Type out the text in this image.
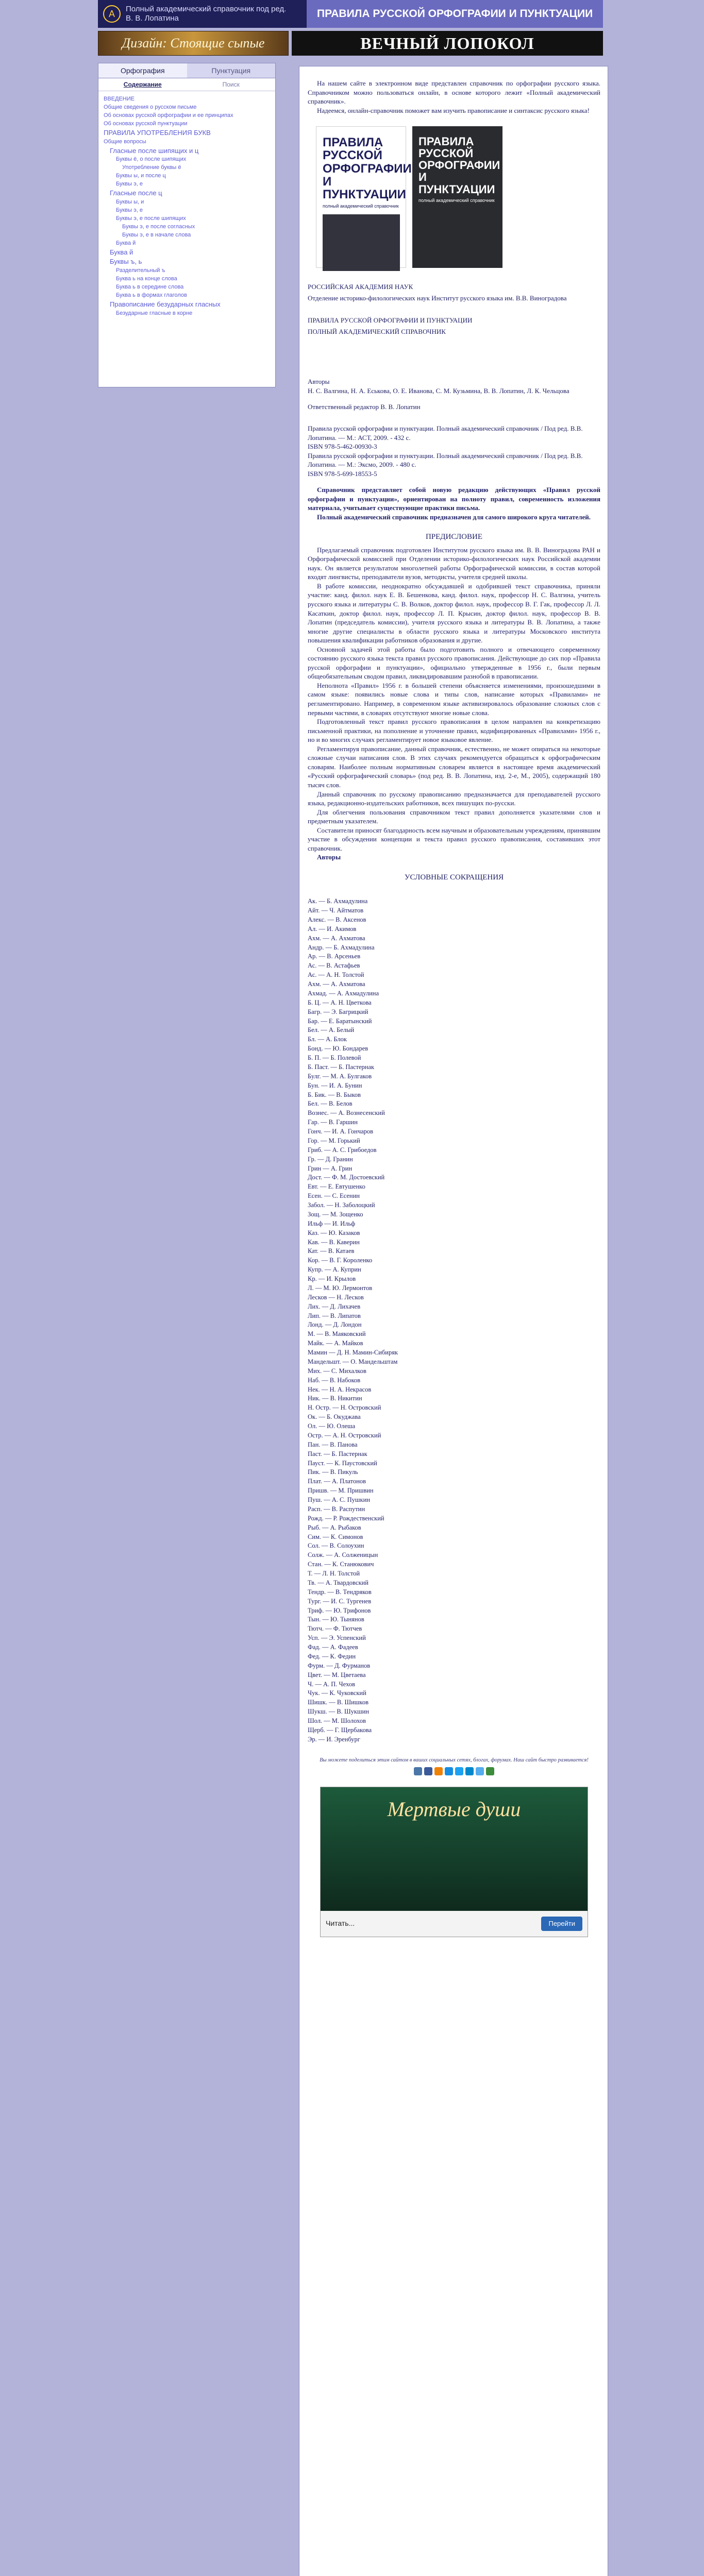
А	Полный академический справочник под ред.
В. В. Лопатина	ПРАВИЛА РУССКОЙ ОРФОГРАФИИ И ПУНКТУАЦИИ
Дизайн: Стоящие сыпые	ВЕЧНЫЙ ЛОПОКОЛ
Орфография	Пунктуация
Содержание	Поиск
ВВЕДЕНИЕ
Общие сведения о русском письме
Об основах русской орфографии и ее принципах
Об основах русской пунктуации
ПРАВИЛА УПОТРЕБЛЕНИЯ БУКВ
Общие вопросы
Гласные после шипящих и ц
Буквы ё, о после шипящих
Употребление буквы ё
Буквы ы, и после ц
Буквы э, е
Гласные после ц
Буквы ы, и
Буквы э, е
Буквы э, е после шипящих
Буквы э, е после согласных
Буквы э, е в начале слова
Буква й
Буква й
Буквы ъ, ь
Разделительный ъ
Буква ь на конце слова
Буква ь в середине слова
Буква ь в формах глаголов
Правописание безударных гласных
Безударные гласные в корне

На нашем сайте в электронном виде представлен справочник по орфографии русского языка. Справочником можно пользоваться онлайн, в основе которого лежит «Полный академический справочник».

Надеемся, онлайн-справочник поможет вам изучить правописание и синтаксис русского языка!

ПРАВИЛА РУССКОЙ ОРФОГРАФИИ И ПУНКТУАЦИИ
полный академический справочник
ПРАВИЛА РУССКОЙ ОРФОГРАФИИ И ПУНКТУАЦИИ
полный академический справочник
РОССИЙСКАЯ АКАДЕМИЯ НАУК
Отделение историко-филологических наук Институт русского языка им. В.В. Виноградова
ПРАВИЛА РУССКОЙ ОРФОГРАФИИ И ПУНКТУАЦИИ
ПОЛНЫЙ АКАДЕМИЧЕСКИЙ СПРАВОЧНИК
Авторы
Н. С. Валгина, Н. А. Еськова, О. Е. Иванова, С. М. Кузьмина, В. В. Лопатин, Л. К. Чельцова
Ответственный редактор В. В. Лопатин
Правила русской орфографии и пунктуации. Полный академический справочник / Под ред. В.В. Лопатина. — М.: АСТ, 2009. - 432 с.
ISBN 978-5-462-00930-3
Правила русской орфографии и пунктуации. Полный академический справочник / Под ред. В.В. Лопатина. — М.: Эксмо, 2009. - 480 с.
ISBN 978-5-699-18553-5

Справочник представляет собой новую редакцию действующих «Правил русской орфографии и пунктуации», ориентирован на полноту правил, современность изложения материала, учитывает существующие практики письма.

Полный академический справочник предназначен для самого широкого круга читателей.

ПРЕДИСЛОВИЕ

Предлагаемый справочник подготовлен Институтом русского языка им. В. В. Виноградова РАН и Орфографической комиссией при Отделении историко-филологических наук Российской академии наук. Он является результатом многолетней работы Орфографической комиссии, в состав которой входят лингвисты, преподаватели вузов, методисты, учителя средней школы.

В работе комиссии, неоднократно обсуждавшей и одобрившей текст справочника, приняли участие: канд. филол. наук Е. В. Бешенкова, канд. филол. наук, профессор Н. С. Валгина, учитель русского языка и литературы С. В. Волков, доктор филол. наук, профессор В. Г. Гак, профессор Л. Л. Касаткин, доктор филол. наук, профессор Л. П. Крысин, доктор филол. наук, профессор В. В. Лопатин (председатель комиссии), учителя русского языка и литературы В. В. Лопатина, а также многие другие специалисты в области русского языка и литературы Московского института повышения квалификации работников образования и другие.

Основной задачей этой работы было подготовить полного и отвечающего современному состоянию русского языка текста правил русского правописания. Действующие до сих пор «Правила русской орфографии и пунктуации», официально утвержденные в 1956 г., были первым общеобязательным сводом правил, ликвидировавшим разнобой в правописании.

Неполнота «Правил» 1956 г. в большей степени объясняется изменениями, произошедшими в самом языке: появились новые слова и типы слов, написание которых «Правилами» не регламентировано. Например, в современном языке активизировалось образование сложных слов с первыми частями, в словарях отсутствуют многие новые слова.

Подготовленный текст правил русского правописания в целом направлен на конкретизацию письменной практики, на пополнение и уточнение правил, кодифицированных «Правилами» 1956 г., но и во многих случаях регламентирует новое языковое явление.

Регламентируя правописание, данный справочник, естественно, не может опираться на некоторые сложные случаи написания слов. В этих случаях рекомендуется обращаться к орфографическим словарям. Наиболее полным нормативным словарем является в настоящее время академический «Русский орфографический словарь» (под ред. В. В. Лопатина, изд. 2-е, М., 2005), содержащий 180 тысяч слов.

Данный справочник по русскому правописанию предназначается для преподавателей русского языка, редакционно-издательских работников, всех пишущих по-русски.

Для облегчения пользования справочником текст правил дополняется указателями слов и предметным указателем.

Составители приносят благодарность всем научным и образовательным учреждениям, принявшим участие в обсуждении концепции и текста правил русского правописания, составивших этот справочник.

Авторы
УСЛОВНЫЕ СОКРАЩЕНИЯ
Ак. — Б. Ахмадулина
Айт. — Ч. Айтматов
Алекс. — В. Аксенов
Ал. — И. Акимов
Ахм. — А. Ахматова
Андр. — Б. Ахмадулина
Ар. — В. Арсеньев
Ас. — В. Астафьев
Ас. — А. Н. Толстой
Ахм. — А. Ахматова
Ахмад. — А. Ахмадулина
Б. Ц. — А. Н. Цветкова
Багр. — Э. Багрицкий
Бар. — Е. Баратынский
Бел. — А. Белый
Бл. — А. Блок
Бонд. — Ю. Бондарев
Б. П. — Б. Полевой
Б. Паст. — Б. Пастернак
Булг. — М. А. Булгаков
Бун. — И. А. Бунин
Б. Бик. — В. Быков
Бел. — В. Белов
Вознес. — А. Вознесенский
Гар. — В. Гаршин
Гонч. — И. А. Гончаров
Гор. — М. Горький
Гриб. — А. С. Грибоедов
Гр. — Д. Гранин
Грин — А. Грин
Дост. — Ф. М. Достоевский
Евт. — Е. Евтушенко
Есен. — С. Есенин
Забол. — Н. Заболоцкий
Зощ. — М. Зощенко
Ильф — И. Ильф
Каз. — Ю. Казаков
Кав. — В. Каверин
Кат. — В. Катаев
Кор. — В. Г. Короленко
Купр. — А. Куприн
Кр. — И. Крылов
Л. — М. Ю. Лермонтов
Лесков — Н. Лесков
Лих. — Д. Лихачев
Лип. — В. Липатов
Лонд. — Д. Лондон
М. — В. Маяковский
Майк. — А. Майков
Мамин — Д. Н. Мамин-Сибиряк
Мандельшт. — О. Мандельштам
Мих. — С. Михалков
Наб. — В. Набоков
Нек. — Н. А. Некрасов
Ник. — В. Никитин
Н. Остр. — Н. Островский
Ок. — Б. Окуджава
Ол. — Ю. Олеша
Остр. — А. Н. Островский
Пан. — В. Панова
Паст. — Б. Пастернак
Пауст. — К. Паустовский
Пик. — В. Пикуль
Плат. — А. Платонов
Пришв. — М. Пришвин
Пуш. — А. С. Пушкин
Расп. — В. Распутин
Рожд. — Р. Рождественский
Рыб. — А. Рыбаков
Сим. — К. Симонов
Сол. — В. Солоухин
Солж. — А. Солженицын
Стан. — К. Станюкович
Т. — Л. Н. Толстой
Тв. — А. Твардовский
Тендр. — В. Тендряков
Тург. — И. С. Тургенев
Триф. — Ю. Трифонов
Тын. — Ю. Тынянов
Тютч. — Ф. Тютчев
Усп. — Э. Успенский
Фад. — А. Фадеев
Фед. — К. Федин
Фурм. — Д. Фурманов
Цвет. — М. Цветаева
Ч. — А. П. Чехов
Чук. — К. Чуковский
Шишк. — В. Шишков
Шукш. — В. Шукшин
Шол. — М. Шолохов
Щерб. — Г. Щербакова
Эр. — И. Эренбург
Вы можете поделиться этим сайтом в ваших социальных сетях, блогах, форумах. Наш сайт быстро развивается!
Мертвые души
Читать...	Перейти
